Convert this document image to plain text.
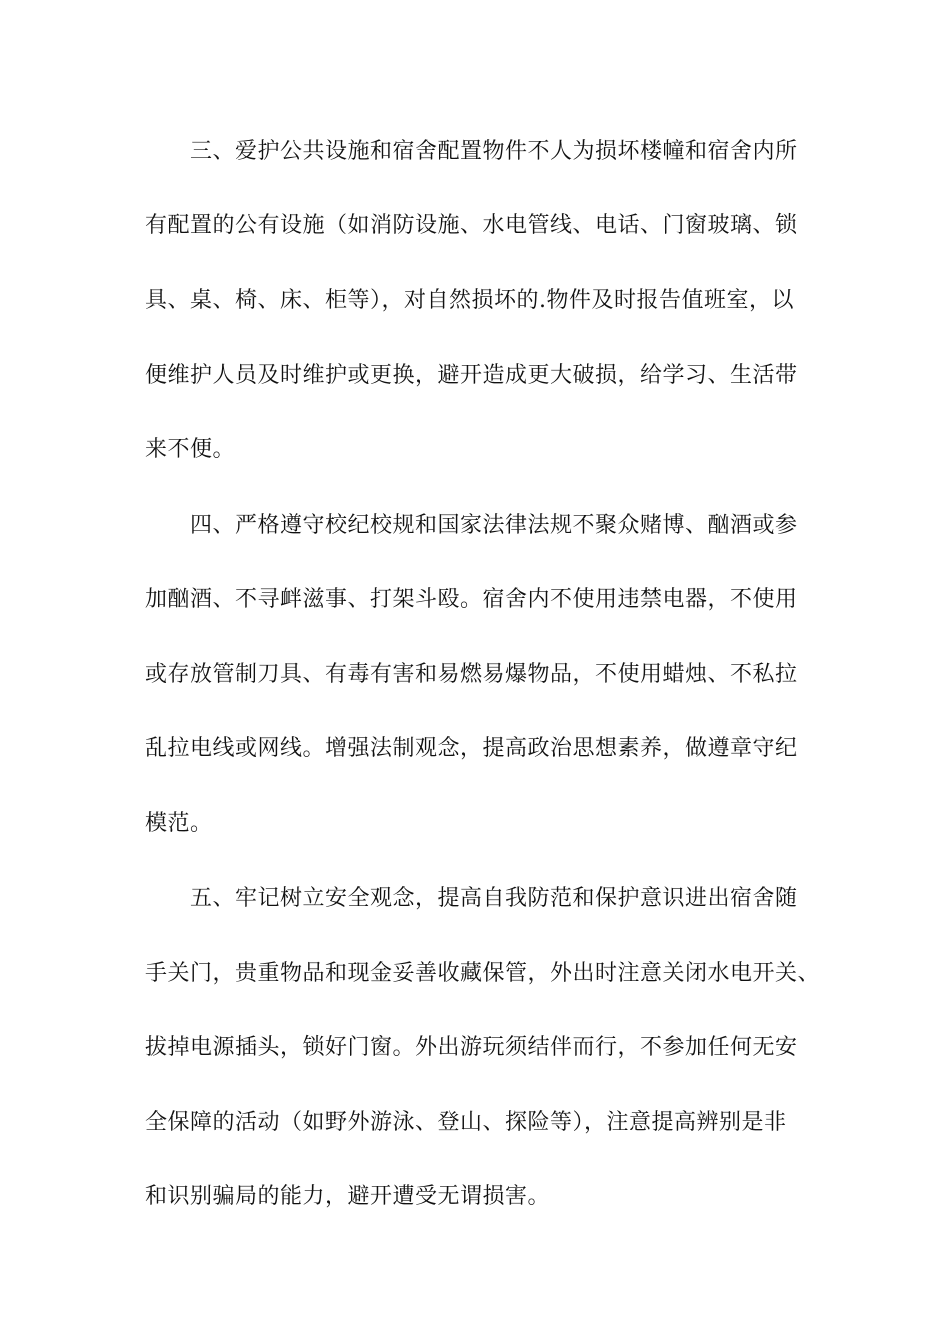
三、爱护公共设施和宿舍配置物件不人为损坏楼幢和宿舍内所
有配置的公有设施（如消防设施、水电管线、电话、门窗玻璃、锁
具、桌、椅、床、柜等），对自然损坏的.物件及时报告值班室，以
便维护人员及时维护或更换，避开造成更大破损，给学习、生活带
来不便。
四、严格遵守校纪校规和国家法律法规不聚众赌博、酗酒或参
加酗酒、不寻衅滋事、打架斗殴。宿舍内不使用违禁电器，不使用
或存放管制刀具、有毒有害和易燃易爆物品，不使用蜡烛、不私拉
乱拉电线或网线。增强法制观念，提高政治思想素养，做遵章守纪
模范。
五、牢记树立安全观念，提高自我防范和保护意识进出宿舍随
手关门，贵重物品和现金妥善收藏保管，外出时注意关闭水电开关、
拔掉电源插头，锁好门窗。外出游玩须结伴而行，不参加任何无安
全保障的活动（如野外游泳、登山、探险等），注意提高辨别是非
和识别骗局的能力，避开遭受无谓损害。
